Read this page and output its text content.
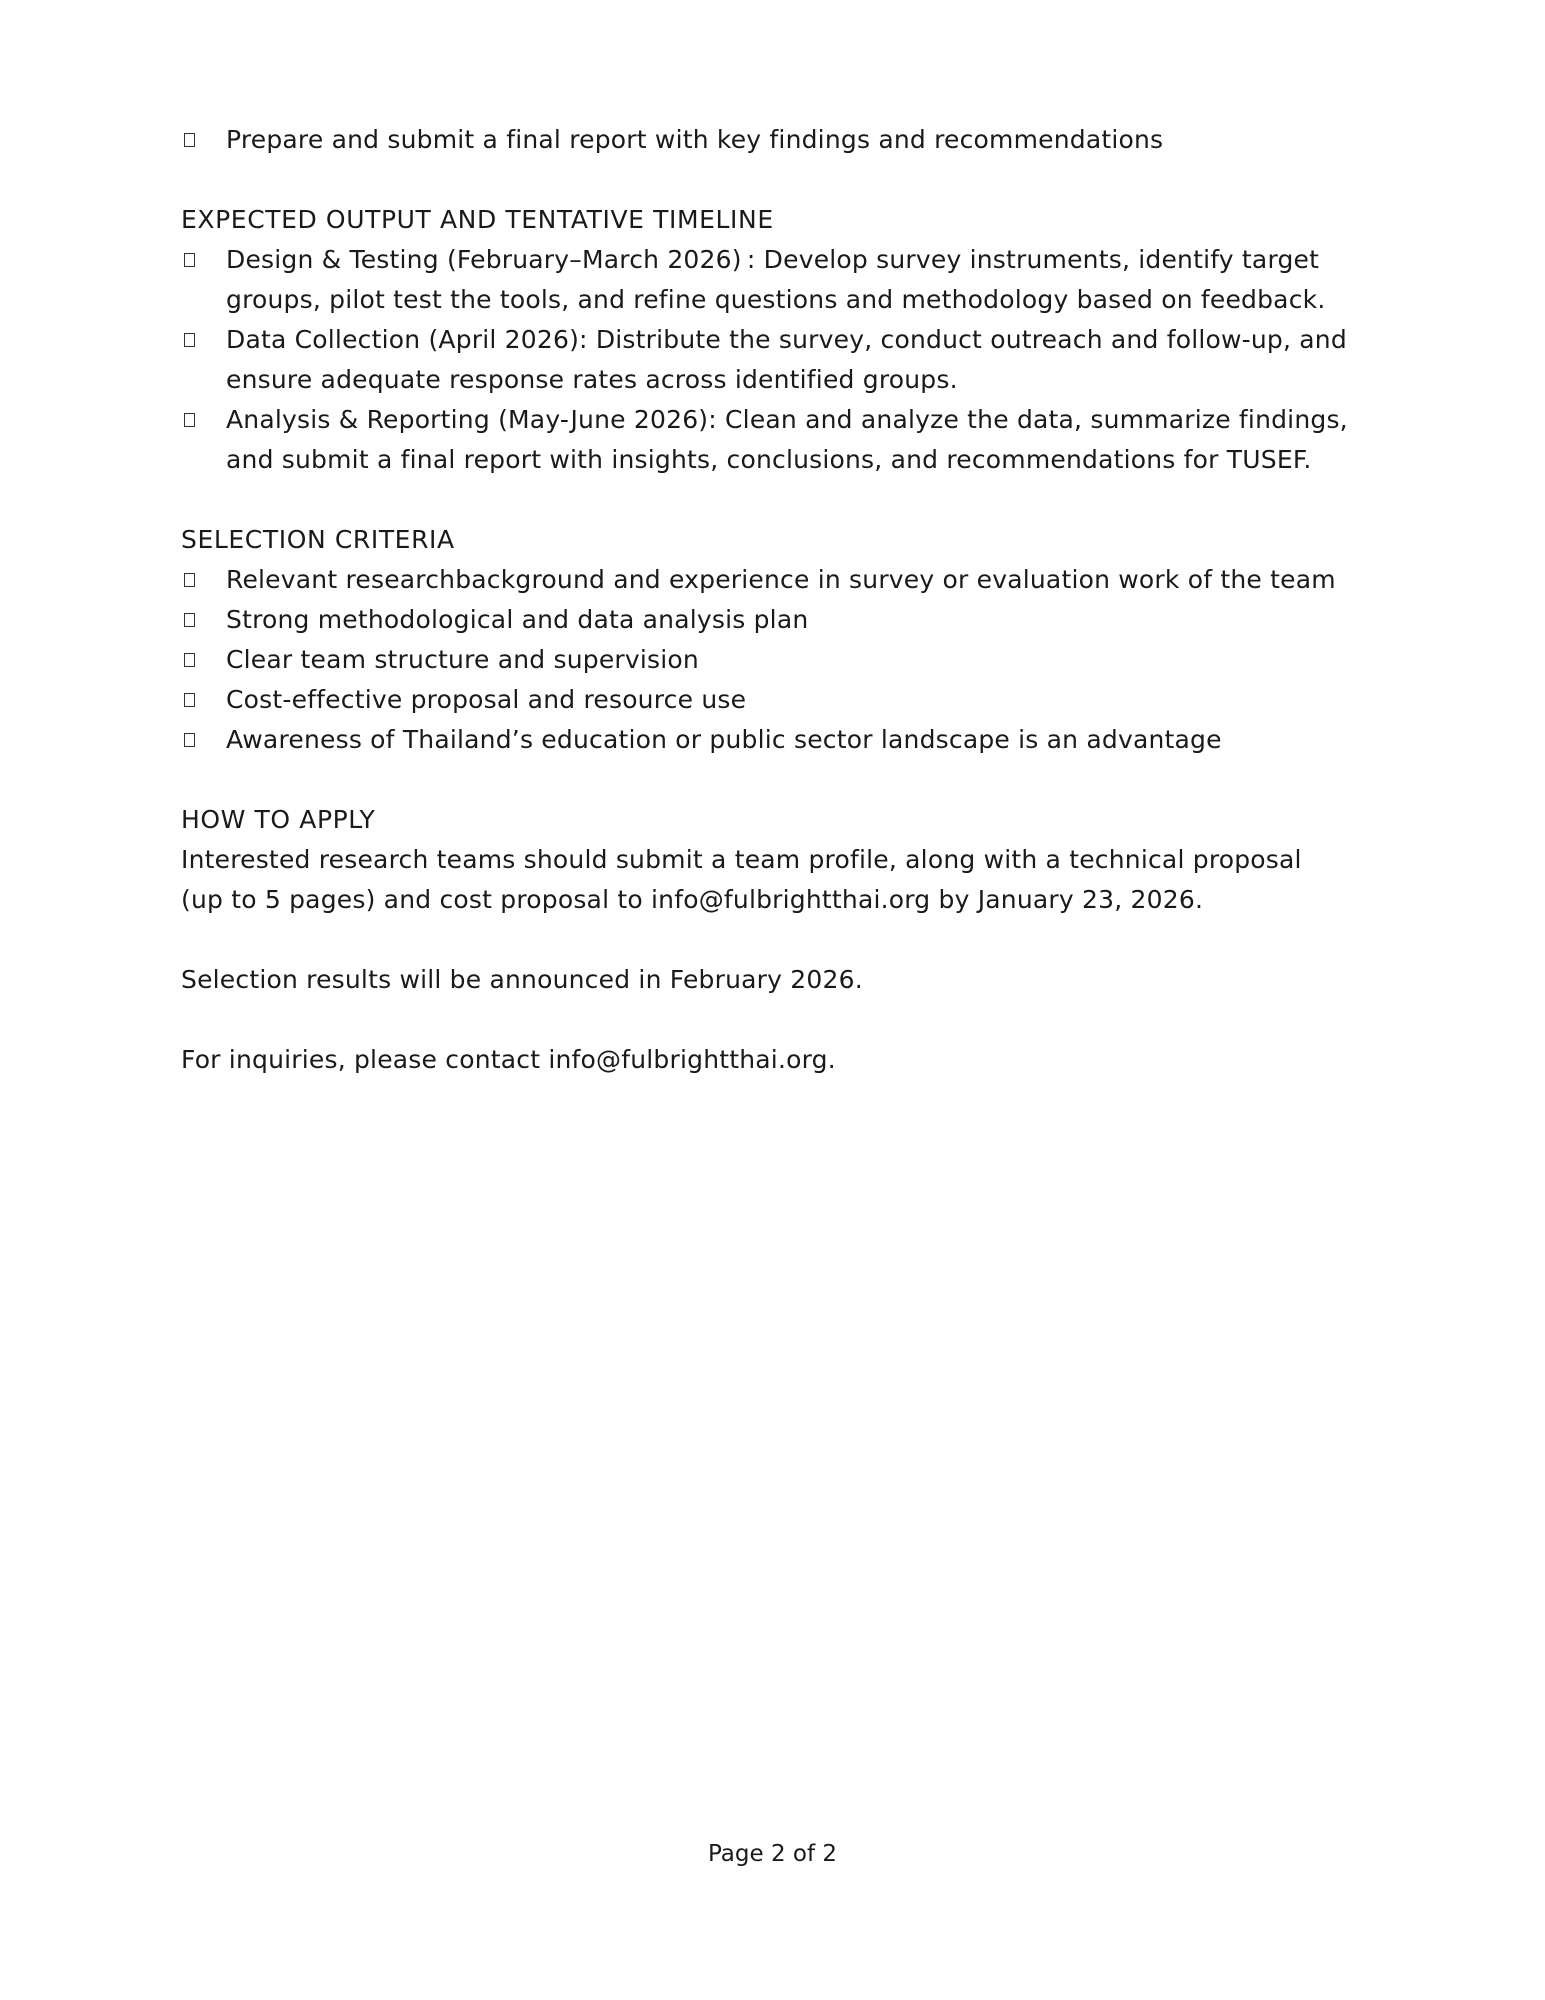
Prepare and submit a final report with key findings and recommendations
EXPECTED OUTPUT AND TENTATIVE TIMELINE
Design & Testing (February–March 2026) : Develop survey instruments, identify target groups, pilot test the tools, and refine questions and methodology based on feedback.
Data Collection (April 2026): Distribute the survey, conduct outreach and follow-up, and ensure adequate response rates across identified groups.
Analysis & Reporting (May-June 2026): Clean and analyze the data, summarize findings, and submit a final report with insights, conclusions, and recommendations for TUSEF.
SELECTION CRITERIA
Relevant researchbackground and experience in survey or evaluation work of the team
Strong methodological and data analysis plan
Clear team structure and supervision
Cost-effective proposal and resource use
Awareness of Thailand’s education or public sector landscape is an advantage
HOW TO APPLY

Interested research teams should submit a team profile, along with a technical proposal (up to 5 pages) and cost proposal to info@fulbrightthai.org by January 23, 2026.

Selection results will be announced in February 2026.

For inquiries, please contact info@fulbrightthai.org.

Page 2 of 2
